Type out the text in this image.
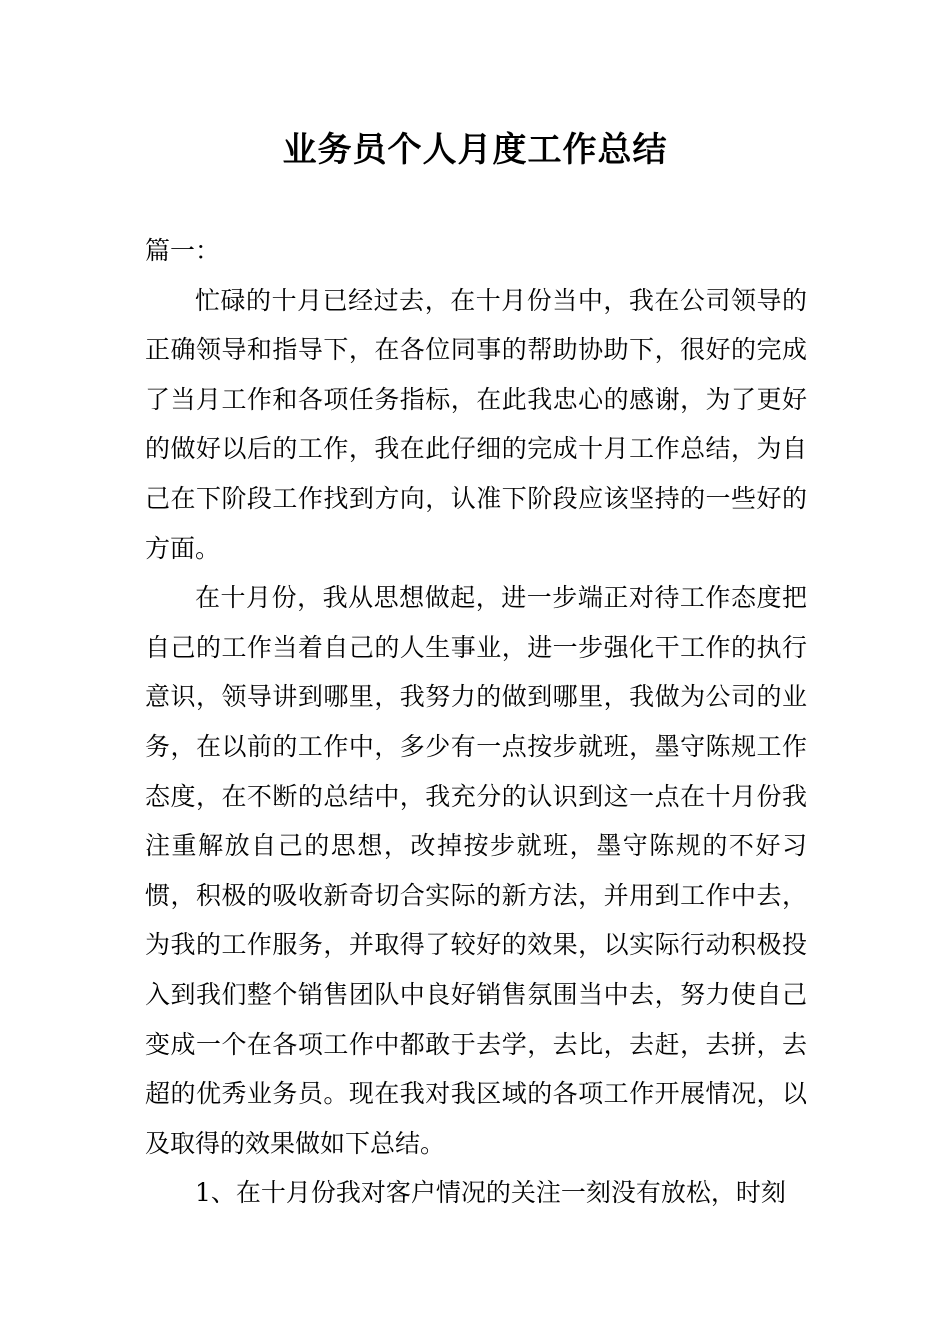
业务员个人月度工作总结

篇一：

忙碌的十月已经过去，在十月份当中，我在公司领导的正确领导和指导下，在各位同事的帮助协助下，很好的完成了当月工作和各项任务指标，在此我忠心的感谢，为了更好的做好以后的工作，我在此仔细的完成十月工作总结，为自己在下阶段工作找到方向，认准下阶段应该坚持的一些好的方面。

在十月份，我从思想做起，进一步端正对待工作态度把自己的工作当着自己的人生事业，进一步强化干工作的执行意识，领导讲到哪里，我努力的做到哪里，我做为公司的业务，在以前的工作中，多少有一点按步就班，墨守陈规工作态度，在不断的总结中，我充分的认识到这一点在十月份我注重解放自己的思想，改掉按步就班，墨守陈规的不好习惯，积极的吸收新奇切合实际的新方法，并用到工作中去，为我的工作服务，并取得了较好的效果，以实际行动积极投入到我们整个销售团队中良好销售氛围当中去，努力使自己变成一个在各项工作中都敢于去学，去比，去赶，去拼，去超的优秀业务员。现在我对我区域的各项工作开展情况，以及取得的效果做如下总结。

1、在十月份我对客户情况的关注一刻没有放松，时刻
